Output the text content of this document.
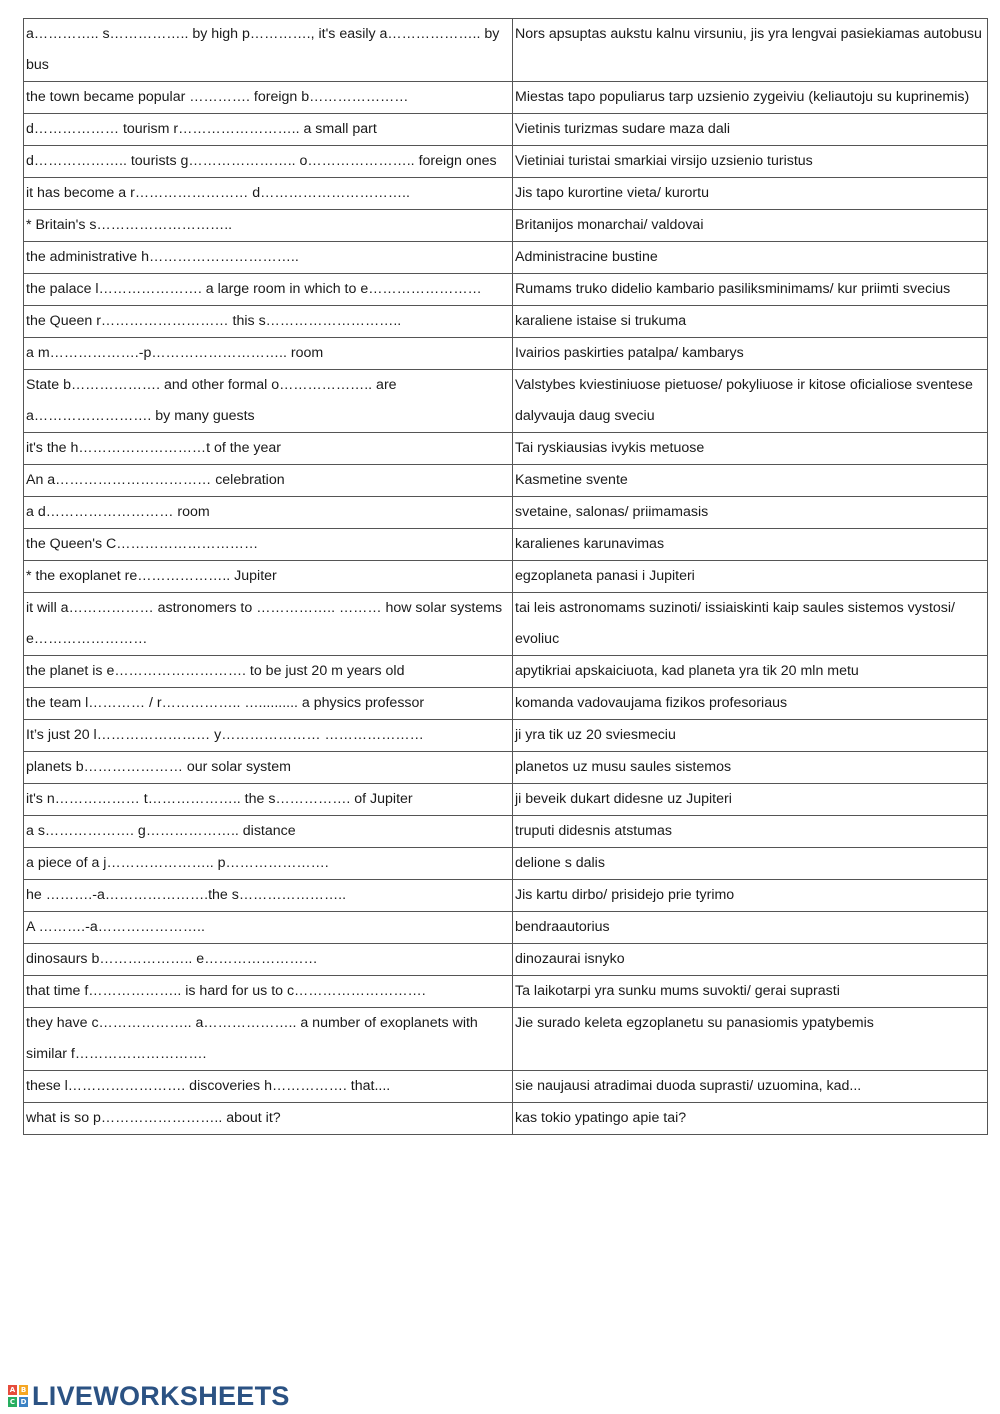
a………….. s…………….. by high p…………., it's easily a……………….. by bus	Nors apsuptas aukstu kalnu virsuniu, jis yra lengvai pasiekiamas autobusu
the town became popular …………. foreign b…………………	Miestas tapo populiarus tarp uzsienio zygeiviu (keliautoju su kuprinemis)
d……………… tourism r…………………….. a small part	Vietinis turizmas sudare maza dali
d……………….. tourists g………………….. o………………….. foreign ones	Vietiniai turistai smarkiai virsijo uzsienio turistus
it has become a r…………………… d…………………………..	Jis tapo kurortine vieta/ kurortu
* Britain's s………………………..	Britanijos monarchai/ valdovai
the administrative h…………………………..	Administracine bustine
the palace l…………………. a large room in which to e……………………	Rumams truko didelio kambario pasiliksminimams/ kur priimti svecius
the Queen r……………………… this s………………………..	karaliene istaise si trukuma
a m……………….-p……………………….. room	Ivairios paskirties patalpa/ kambarys
State b………………. and other formal o……………….. are a……………………. by many guests	Valstybes kviestiniuose pietuose/ pokyliuose ir kitose oficialiose sventese dalyvauja daug sveciu
it's the h………………………t of the year	Tai ryskiausias ivykis metuose
An a…………………………… celebration	Kasmetine svente
a d……………………… room	svetaine, salonas/ priimamasis
the Queen's C…………………………	karalienes karunavimas
* the exoplanet re……………….. Jupiter	egzoplaneta panasi i Jupiteri
it will a……………… astronomers to …………….. ……… how solar systems e……………………	tai leis astronomams suzinoti/ issiaiskinti kaip saules sistemos vystosi/ evoliuc
the planet is e………………………. to be just 20 m years old	apytikriai apskaiciuota, kad planeta yra tik 20 mln metu
the team l………… / r…………….. ….......... a physics professor	komanda vadovaujama fizikos profesoriaus
It’s just 20 l…………………… y………………… …………………	ji yra tik uz 20 sviesmeciu
planets b………………… our solar system	planetos uz musu saules sistemos
it's n……………… t……………….. the s……………. of Jupiter	ji beveik dukart didesne uz Jupiteri
a s………………. g……………….. distance	truputi didesnis atstumas
a piece of a j………………….. p………………….	delione s dalis
he ……….-a………………….the s…………………..	Jis kartu dirbo/ prisidejo prie tyrimo
A ……….-a…………………..	bendraautorius
dinosaurs b……………….. e……………………	dinozaurai isnyko
that time f……………….. is hard for us to c……………………….	Ta laikotarpi yra sunku mums suvokti/ gerai suprasti
they have c……………….. a……………….. a number of exoplanets with similar f……………………….	Jie surado keleta egzoplanetu su panasiomis ypatybemis
these l……………………. discoveries h……………. that....	sie naujausi atradimai duoda suprasti/ uzuomina, kad...
what is so p…………………….. about it?	kas tokio ypatingo apie tai?
A B
C D LIVEWORKSHEETS
